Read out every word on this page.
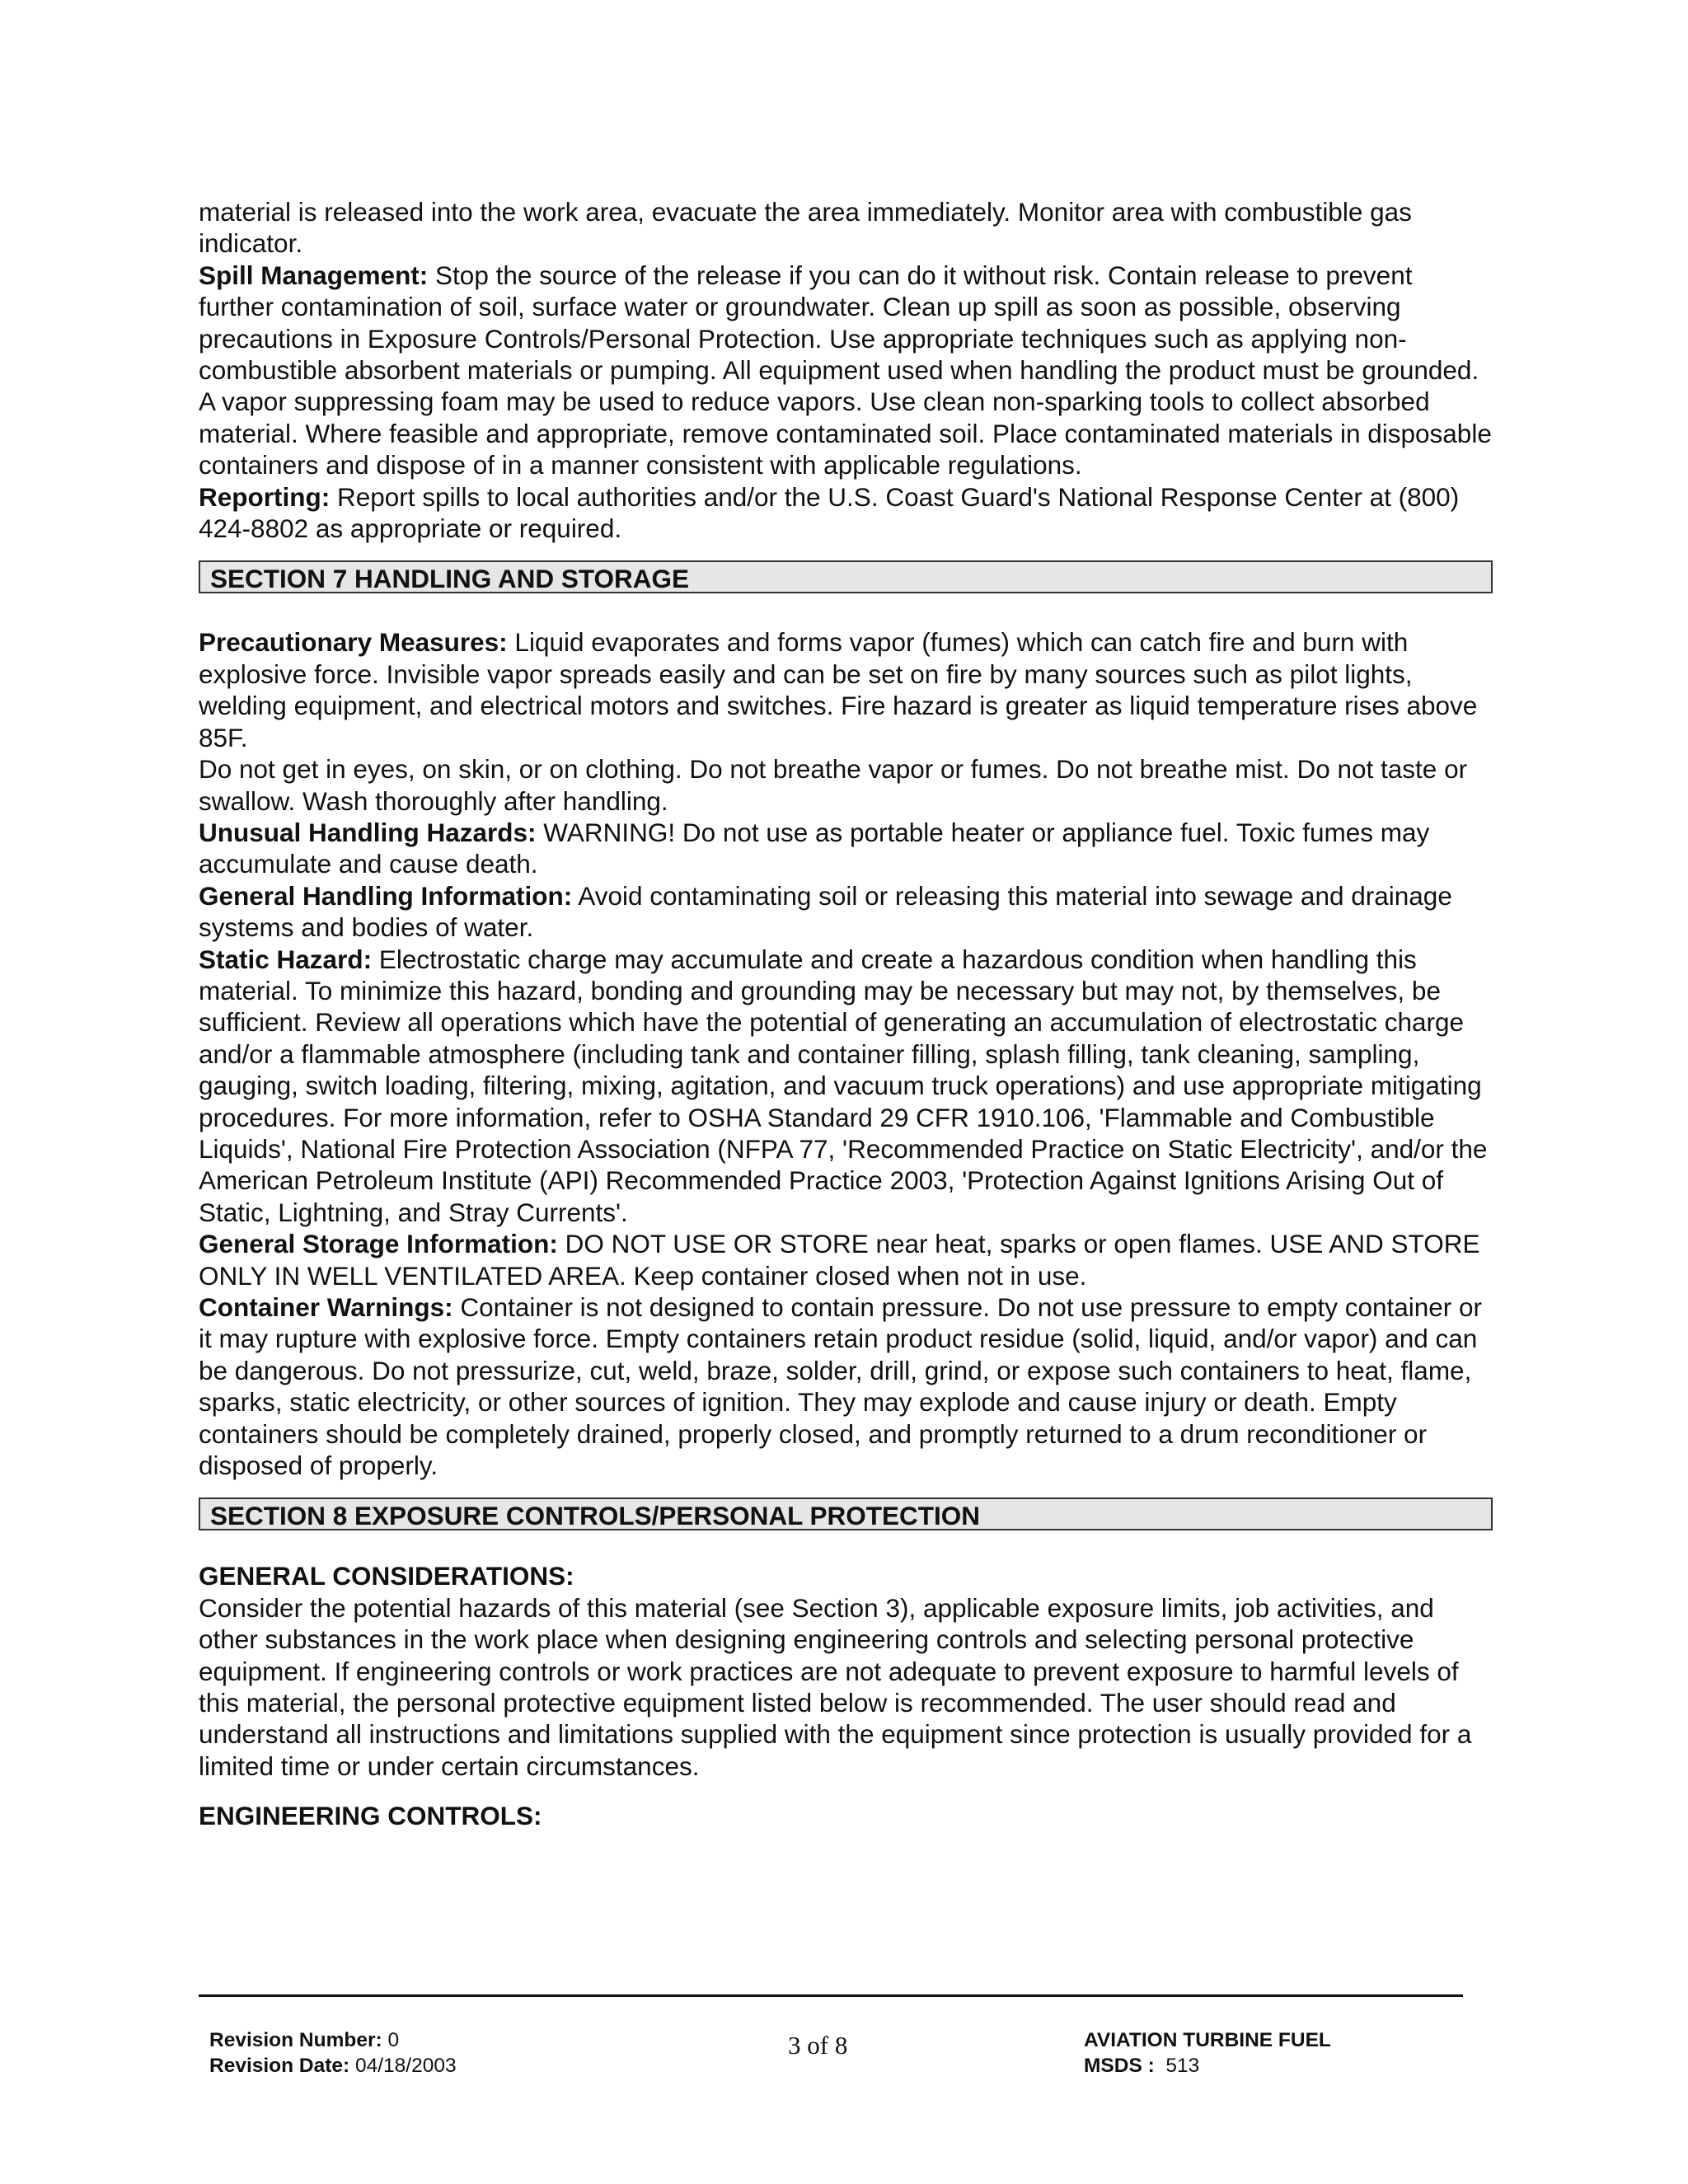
material is released into the work area, evacuate the area immediately. Monitor area with combustible gas indicator.

Spill Management: Stop the source of the release if you can do it without risk. Contain release to prevent further contamination of soil, surface water or groundwater. Clean up spill as soon as possible, observing precautions in Exposure Controls/Personal Protection. Use appropriate techniques such as applying non-combustible absorbent materials or pumping. All equipment used when handling the product must be grounded. A vapor suppressing foam may be used to reduce vapors. Use clean non-sparking tools to collect absorbed material. Where feasible and appropriate, remove contaminated soil. Place contaminated materials in disposable containers and dispose of in a manner consistent with applicable regulations.

Reporting: Report spills to local authorities and/or the U.S. Coast Guard's National Response Center at (800) 424-8802 as appropriate or required.

SECTION 7 HANDLING AND STORAGE

Precautionary Measures: Liquid evaporates and forms vapor (fumes) which can catch fire and burn with explosive force. Invisible vapor spreads easily and can be set on fire by many sources such as pilot lights, welding equipment, and electrical motors and switches. Fire hazard is greater as liquid temperature rises above 85F.

Do not get in eyes, on skin, or on clothing. Do not breathe vapor or fumes. Do not breathe mist. Do not taste or swallow. Wash thoroughly after handling.

Unusual Handling Hazards: WARNING! Do not use as portable heater or appliance fuel. Toxic fumes may accumulate and cause death.

General Handling Information: Avoid contaminating soil or releasing this material into sewage and drainage systems and bodies of water.

Static Hazard: Electrostatic charge may accumulate and create a hazardous condition when handling this material. To minimize this hazard, bonding and grounding may be necessary but may not, by themselves, be sufficient. Review all operations which have the potential of generating an accumulation of electrostatic charge and/or a flammable atmosphere (including tank and container filling, splash filling, tank cleaning, sampling, gauging, switch loading, filtering, mixing, agitation, and vacuum truck operations) and use appropriate mitigating procedures. For more information, refer to OSHA Standard 29 CFR 1910.106, 'Flammable and Combustible Liquids', National Fire Protection Association (NFPA 77, 'Recommended Practice on Static Electricity', and/or the American Petroleum Institute (API) Recommended Practice 2003, 'Protection Against Ignitions Arising Out of Static, Lightning, and Stray Currents'.

General Storage Information: DO NOT USE OR STORE near heat, sparks or open flames. USE AND STORE ONLY IN WELL VENTILATED AREA. Keep container closed when not in use.

Container Warnings: Container is not designed to contain pressure. Do not use pressure to empty container or it may rupture with explosive force. Empty containers retain product residue (solid, liquid, and/or vapor) and can be dangerous. Do not pressurize, cut, weld, braze, solder, drill, grind, or expose such containers to heat, flame, sparks, static electricity, or other sources of ignition. They may explode and cause injury or death. Empty containers should be completely drained, properly closed, and promptly returned to a drum reconditioner or disposed of properly.

SECTION 8 EXPOSURE CONTROLS/PERSONAL PROTECTION

GENERAL CONSIDERATIONS:

Consider the potential hazards of this material (see Section 3), applicable exposure limits, job activities, and other substances in the work place when designing engineering controls and selecting personal protective equipment. If engineering controls or work practices are not adequate to prevent exposure to harmful levels of this material, the personal protective equipment listed below is recommended. The user should read and understand all instructions and limitations supplied with the equipment since protection is usually provided for a limited time or under certain circumstances.

ENGINEERING CONTROLS:

Revision Number: 0
Revision Date: 04/18/2003
3 of 8	AVIATION TURBINE FUEL
MSDS :  513
